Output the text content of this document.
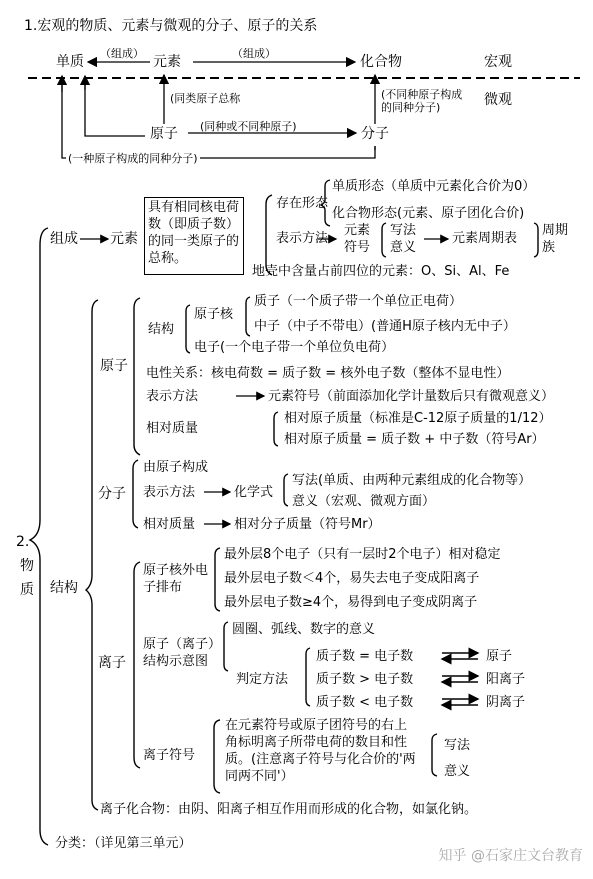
1.宏观的物质、元素与微观的分子、原子的关系
单质	元素	化合物	宏观
微观
原子	分子
（组成）	（组成）
(同类原子总称	(不同种原子构成的同种分子)
(同种或不同种原子)
(一种原子构成的同种分子)
2.
物
质
组成 元素
具有相同核电荷数（即质子数）的同一类原子的总称。
存在形态
单质形态（单质中元素化合价为0）
化合物形态(元素、原子团化合价)
表示方法
元素符号
写法意义
元素周期表
周期族
地壳中含量占前四位的元素：O、Si、Al、Fe
结构
原子
结构
原子核
质子（一个质子带一个单位正电荷）
中子（中子不带电）(普通H原子核内无中子）
电子(一个电子带一个单位负电荷）
电性关系：核电荷数 = 质子数 = 核外电子数（整体不显电性）
表示方法	元素符号（前面添加化学计量数后只有微观意义）
相对质量
相对原子质量（标准是C-12原子质量的1/12）
相对原子质量 = 质子数 + 中子数（符号Ar）
分子
由原子构成
表示方法	化学式
写法(单质、由两种元素组成的化合物等）
意义（宏观、微观方面）
相对质量	相对分子质量（符号Mr）
离子
原子核外电子排布
最外层8个电子（只有一层时2个电子）相对稳定
最外层电子数＜4个，易失去电子变成阳离子
最外层电子数≥4个，易得到电子变成阴离子
原子（离子）结构示意图
圆圈、弧线、数字的意义
判定方法
质子数 = 电子数	原子
质子数 > 电子数	阳离子
质子数 < 电子数	阴离子
离子符号
在元素符号或原子团符号的右上角标明离子所带电荷的数目和性质。(注意离子符号与化合价的'两同两不同'）
写法
意义
离子化合物：由阴、阳离子相互作用而形成的化合物，如氯化钠。
分类：（详见第三单元）
知乎 @石家庄文台教育
